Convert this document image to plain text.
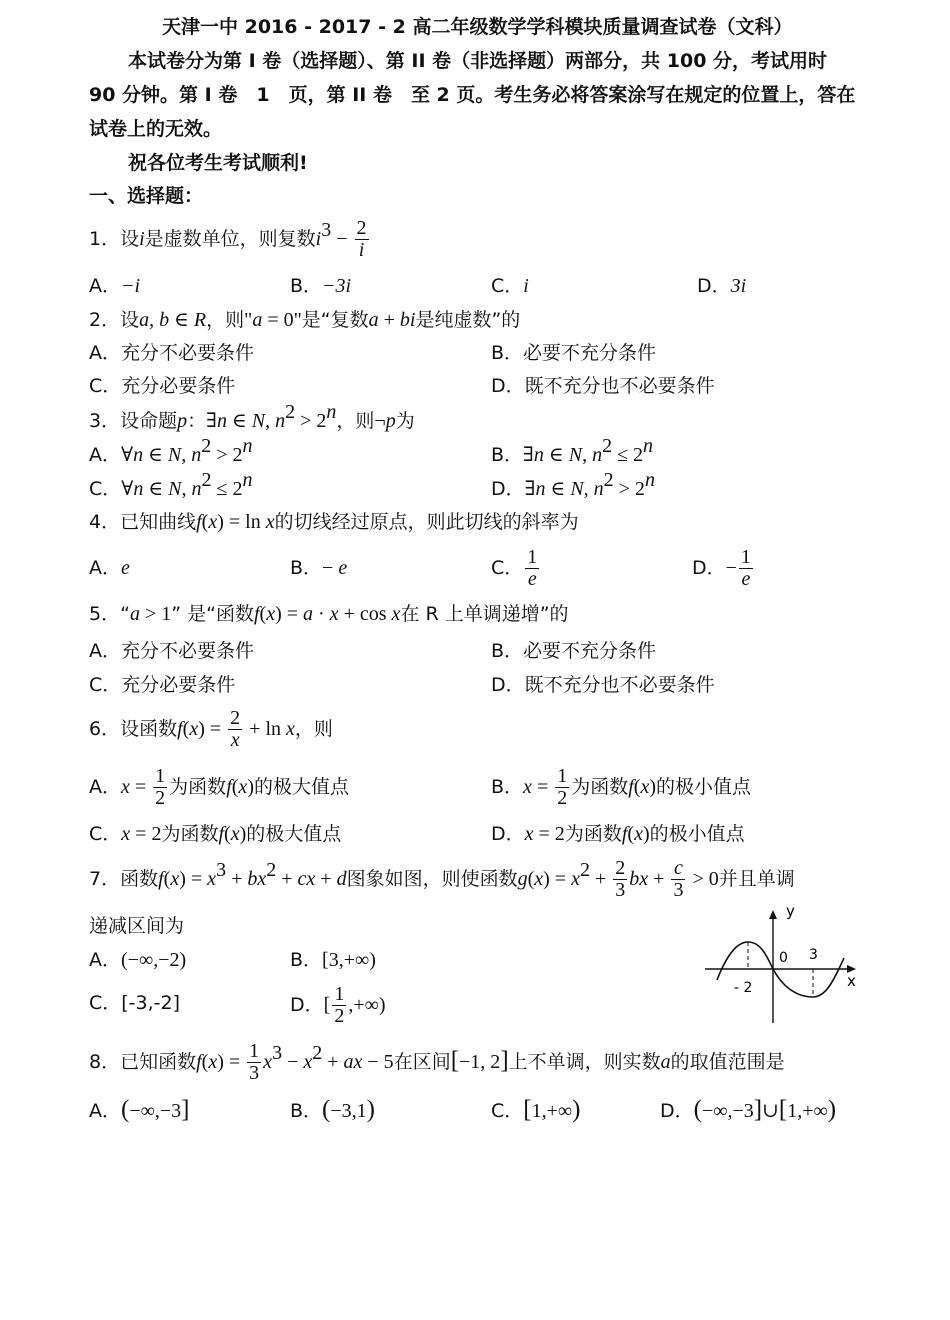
天津一中 2016 - 2017 - 2 高二年级数学学科模块质量调查试卷（文科）
本试卷分为第 I 卷（选择题）、第 II 卷（非选择题）两部分，共 100 分，考试用时
90 分钟。第 I 卷　1　页，第 II 卷　至 2 页。考生务必将答案涂写在规定的位置上，答在
试卷上的无效。
祝各位考生考试顺利!
一、选择题：
1．设i是虚数单位，则复数$i^3 - \frac{2}{i}$
A．−i	B．−3i	C．i	D．3i
2．设a, b ∈ R，则"a = 0"是“复数a + bi是纯虚数”的
A．充分不必要条件	B．必要不充分条件
C．充分必要条件	D．既不充分也不必要条件
3．设命题p：∃n ∈ N, $n^2 > 2^n$，则¬p为
A．∀n ∈ N, $n^2 > 2^n$	B．∃n ∈ N, $n^2 \le 2^n$
C．∀n ∈ N, $n^2 \le 2^n$	D．∃n ∈ N, $n^2 > 2^n$
4．已知曲线f(x) = ln x的切线经过原点，则此切线的斜率为
A．e	B．− e	C． $\frac{1}{e}$	D．− $\frac{1}{e}$
5．“a > 1” 是“函数f(x) = a · x + cos x在 R 上单调递增”的
A．充分不必要条件	B．必要不充分条件
C．充分必要条件	D．既不充分也不必要条件
6．设函数$f(x) = \frac{2}{x} + \ln x$，则
A．$x = \frac{1}{2}$ 为函数f(x)的极大值点	B．$x = \frac{1}{2}$ 为函数f(x)的极小值点
C．x = 2为函数f(x)的极大值点	D．x = 2为函数f(x)的极小值点
7．函数$f(x) = x^3 + bx^2$ + cx + d图象如图，则使函数$g(x) = x^2 + \frac{2}{3}$ bx + $\frac{c}{3} > 0$并且单调
递减区间为
A．(−∞,−2)	B．[3,+∞)
C．[-3,-2]	D．[ $\frac{1}{2}$ ,+∞)
y
x
0 3
- 2
8．已知函数$f(x) = \frac{1}{3} x^3 - x^2$ + ax − 5在区间[−1, 2]上不单调，则实数a的取值范围是
A．(−∞,−3]	B．(−3,1)	C．[1,+∞)	D．(−∞,−3]∪[1,+∞)
